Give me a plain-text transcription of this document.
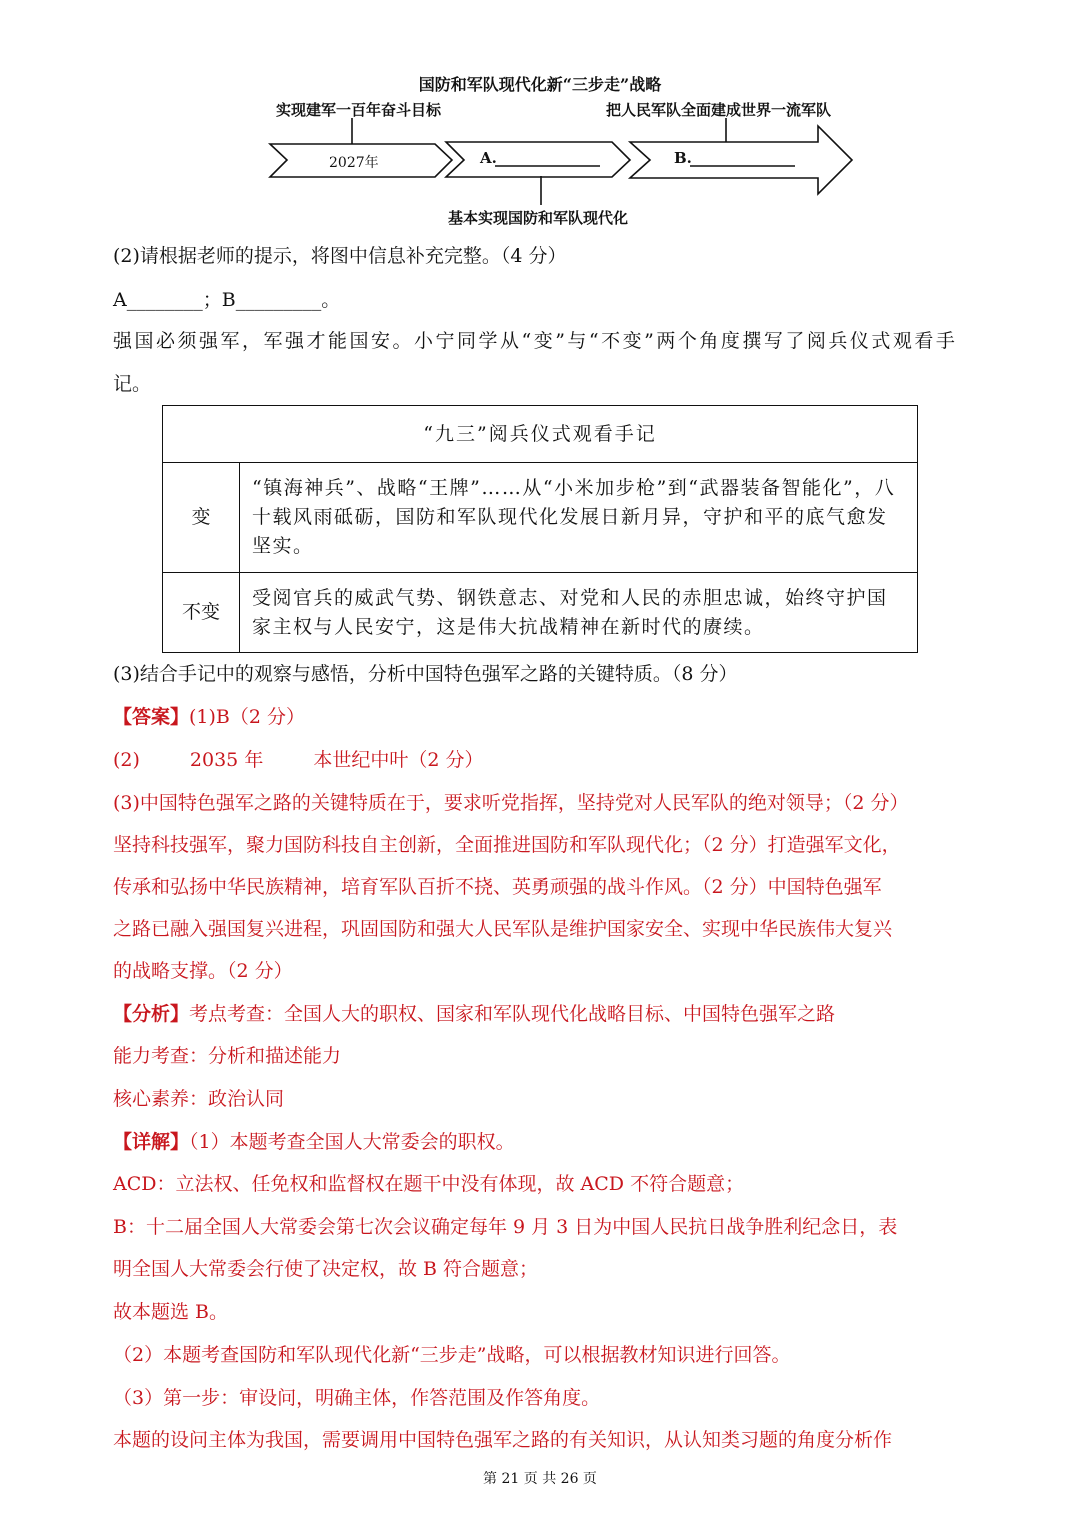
国防和军队现代化新“三步走”战略
实现建军一百年奋斗目标	把人民军队全面建成世界一流军队
2027年	A.	B.
基本实现国防和军队现代化
(2)请根据老师的提示，将图中信息补充完整。（4 分）
A________；B_________。
强国必须强军，军强才能国安。小宁同学从“变”与“不变”两个角度撰写了阅兵仪式观看手
记。
“九三”阅兵仪式观看手记	
变	“镇海神兵”、战略“王牌”……从“小米加步枪”到“武器装备智能化”，八十载风雨砥砺，国防和军队现代化发展日新月异，守护和平的底气愈发坚实。
不变	受阅官兵的威武气势、钢铁意志、对党和人民的赤胆忠诚，始终守护国家主权与人民安宁，这是伟大抗战精神在新时代的赓续。
(3)结合手记中的观察与感悟，分析中国特色强军之路的关键特质。（8 分）
【答案】(1)B（2 分）
(2)	2035 年	本世纪中叶（2 分）
(3)中国特色强军之路的关键特质在于，要求听党指挥，坚持党对人民军队的绝对领导；（2 分）
坚持科技强军，聚力国防科技自主创新，全面推进国防和军队现代化；（2 分）打造强军文化，
传承和弘扬中华民族精神，培育军队百折不挠、英勇顽强的战斗作风。（2 分）中国特色强军
之路已融入强国复兴进程，巩固国防和强大人民军队是维护国家安全、实现中华民族伟大复兴
的战略支撑。（2 分）
【分析】考点考查：全国人大的职权、国家和军队现代化战略目标、中国特色强军之路
能力考查：分析和描述能力
核心素养：政治认同
【详解】（1）本题考查全国人大常委会的职权。
ACD：立法权、任免权和监督权在题干中没有体现，故 ACD 不符合题意；
B：十二届全国人大常委会第七次会议确定每年 9 月 3 日为中国人民抗日战争胜利纪念日，表
明全国人大常委会行使了决定权，故 B 符合题意；
故本题选 B。
（2）本题考查国防和军队现代化新“三步走”战略，可以根据教材知识进行回答。
（3）第一步：审设问，明确主体，作答范围及作答角度。
本题的设问主体为我国，需要调用中国特色强军之路的有关知识，从认知类习题的角度分析作
第 21 页 共 26 页
